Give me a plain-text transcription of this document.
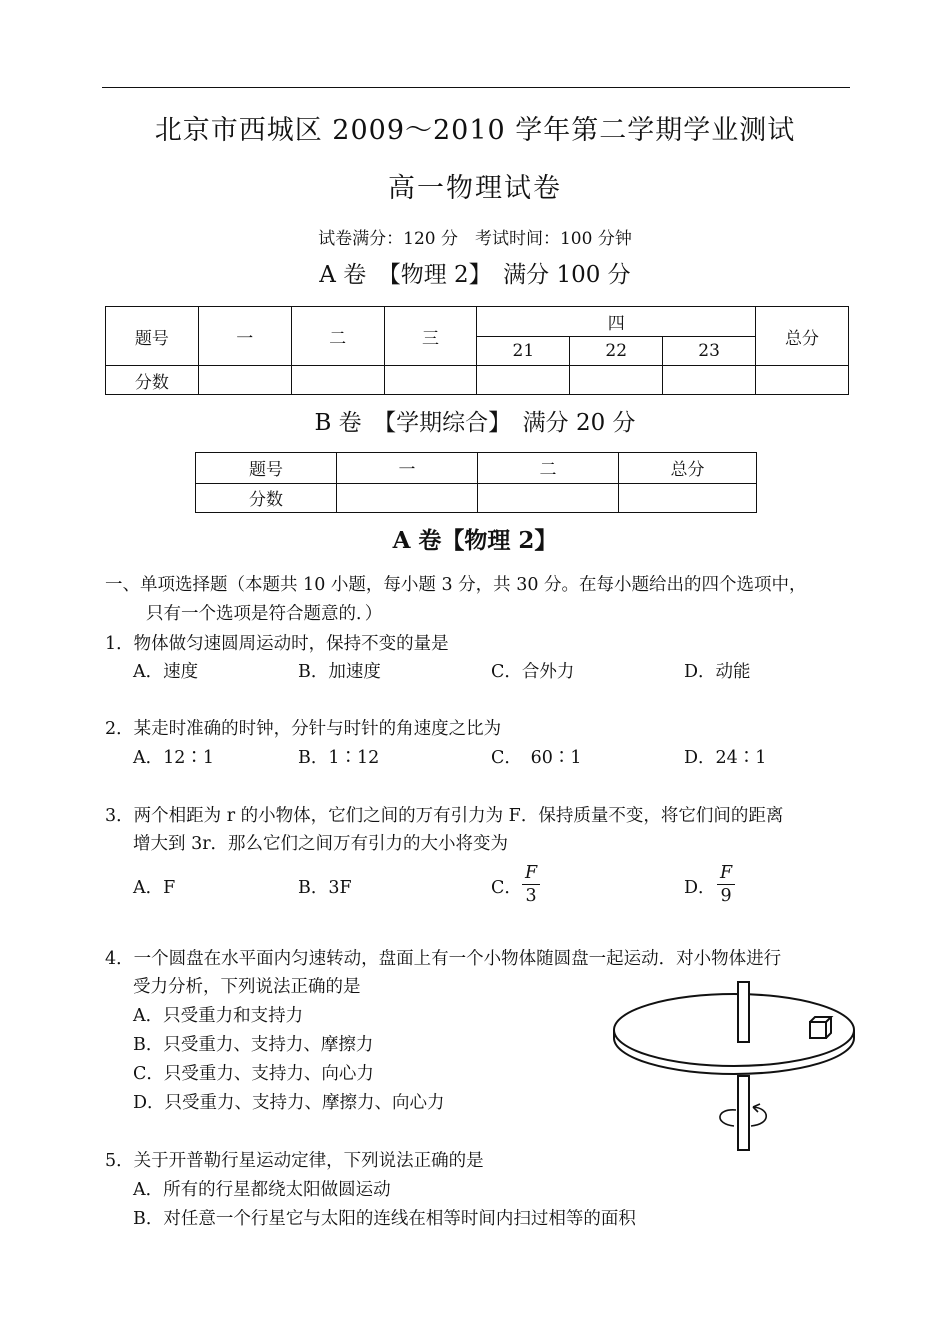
北京市西城区 2009～2010 学年第二学期学业测试
高一物理试卷
试卷满分：120 分　考试时间：100 分钟
A 卷　【物理 2】　满分 100 分
题号	一	二	三	四			总分
				21	22	23	
分数							
B 卷　【学期综合】　满分 20 分
题号	一	二	总分
分数			
A 卷【物理 2】
一、单项选择题（本题共 10 小题，每小题 3 分，共 30 分。在每小题给出的四个选项中，
只有一个选项是符合题意的．）
1．物体做匀速圆周运动时，保持不变的量是
A．速度	B．加速度	C．合外力	D．动能
2．某走时准确的时钟，分针与时针的角速度之比为
A．12∶1	B．1∶12	C．　60∶1	D．24∶1
3．两个相距为 r 的小物体，它们之间的万有引力为 F．保持质量不变，将它们间的距离
增大到 3r．那么它们之间万有引力的大小将变为
A．F	B．3F	C． $\frac{F}{3}$	D． $\frac{F}{9}$
4．一个圆盘在水平面内匀速转动，盘面上有一个小物体随圆盘一起运动．对小物体进行
受力分析，下列说法正确的是
A．只受重力和支持力
B．只受重力、支持力、摩擦力
C．只受重力、支持力、向心力
D．只受重力、支持力、摩擦力、向心力
5．关于开普勒行星运动定律，下列说法正确的是
A．所有的行星都绕太阳做圆运动
B．对任意一个行星它与太阳的连线在相等时间内扫过相等的面积
